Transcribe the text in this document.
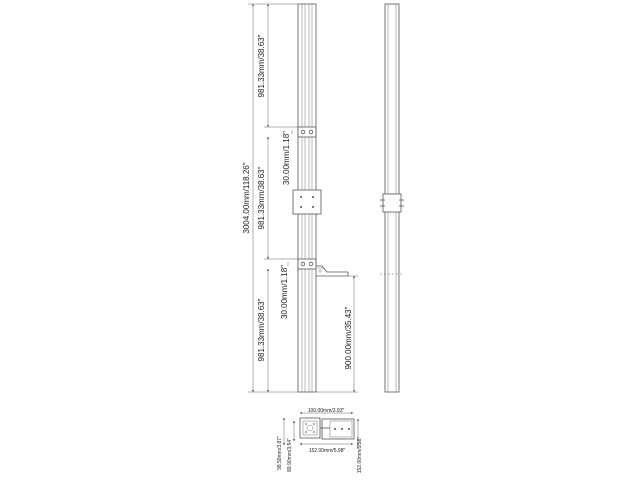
3004.00mm/118.26"
981.33mm/38.63"
981.33mm/38.63"
981.33mm/38.63"
30.00mm/1.18"
30.00mm/1.18"
900.00mm/35.43"
100.00mm/3.93"
98.59mm/3.87" 89.90mm/3.54"	152.00mm/5.98" 152.00mm/5.98"
